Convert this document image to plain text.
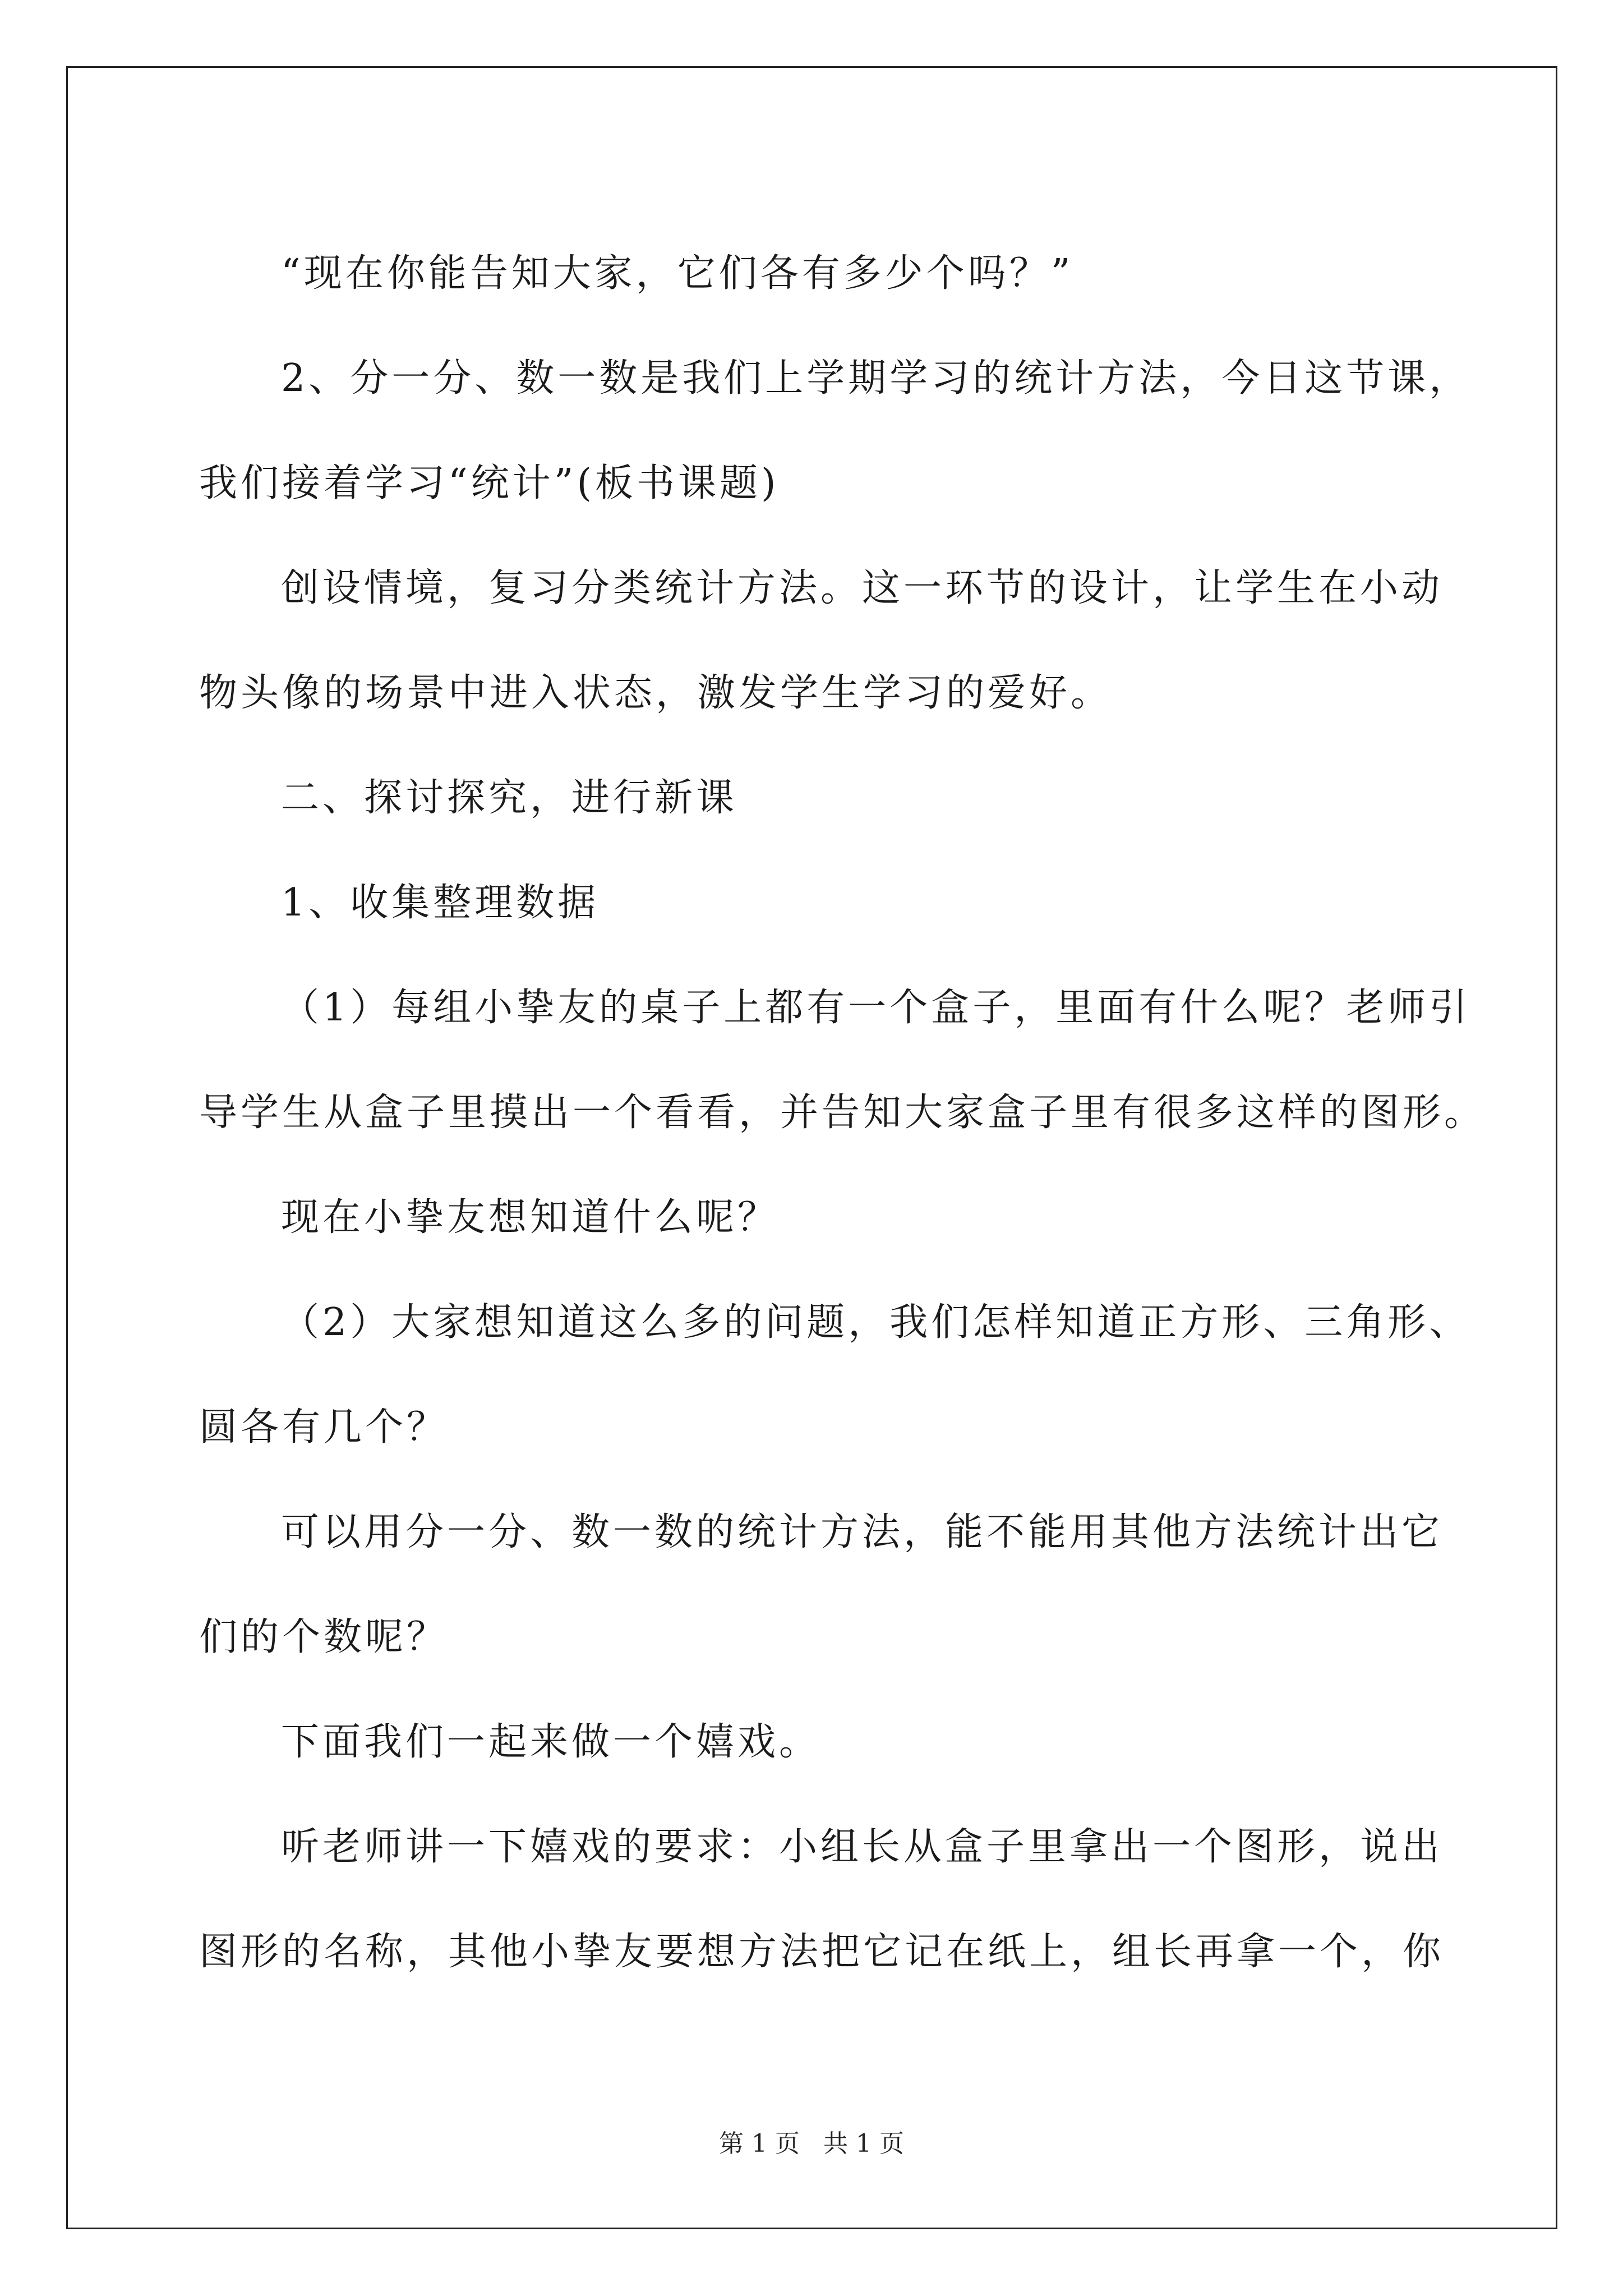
“现在你能告知大家，它们各有多少个吗？”

2、分一分、数一数是我们上学期学习的统计方法，今日这节课，

我们接着学习“统计”(板书课题)

创设情境，复习分类统计方法。这一环节的设计，让学生在小动

物头像的场景中进入状态，激发学生学习的爱好。

二、探讨探究，进行新课

1、收集整理数据

（1）每组小挚友的桌子上都有一个盒子，里面有什么呢？老师引

导学生从盒子里摸出一个看看，并告知大家盒子里有很多这样的图形。

现在小挚友想知道什么呢？

（2）大家想知道这么多的问题，我们怎样知道正方形、三角形、

圆各有几个？

可以用分一分、数一数的统计方法，能不能用其他方法统计出它

们的个数呢？

下面我们一起来做一个嬉戏。

听老师讲一下嬉戏的要求：小组长从盒子里拿出一个图形，说出

图形的名称，其他小挚友要想方法把它记在纸上，组长再拿一个，你

第 1 页   共 1 页
